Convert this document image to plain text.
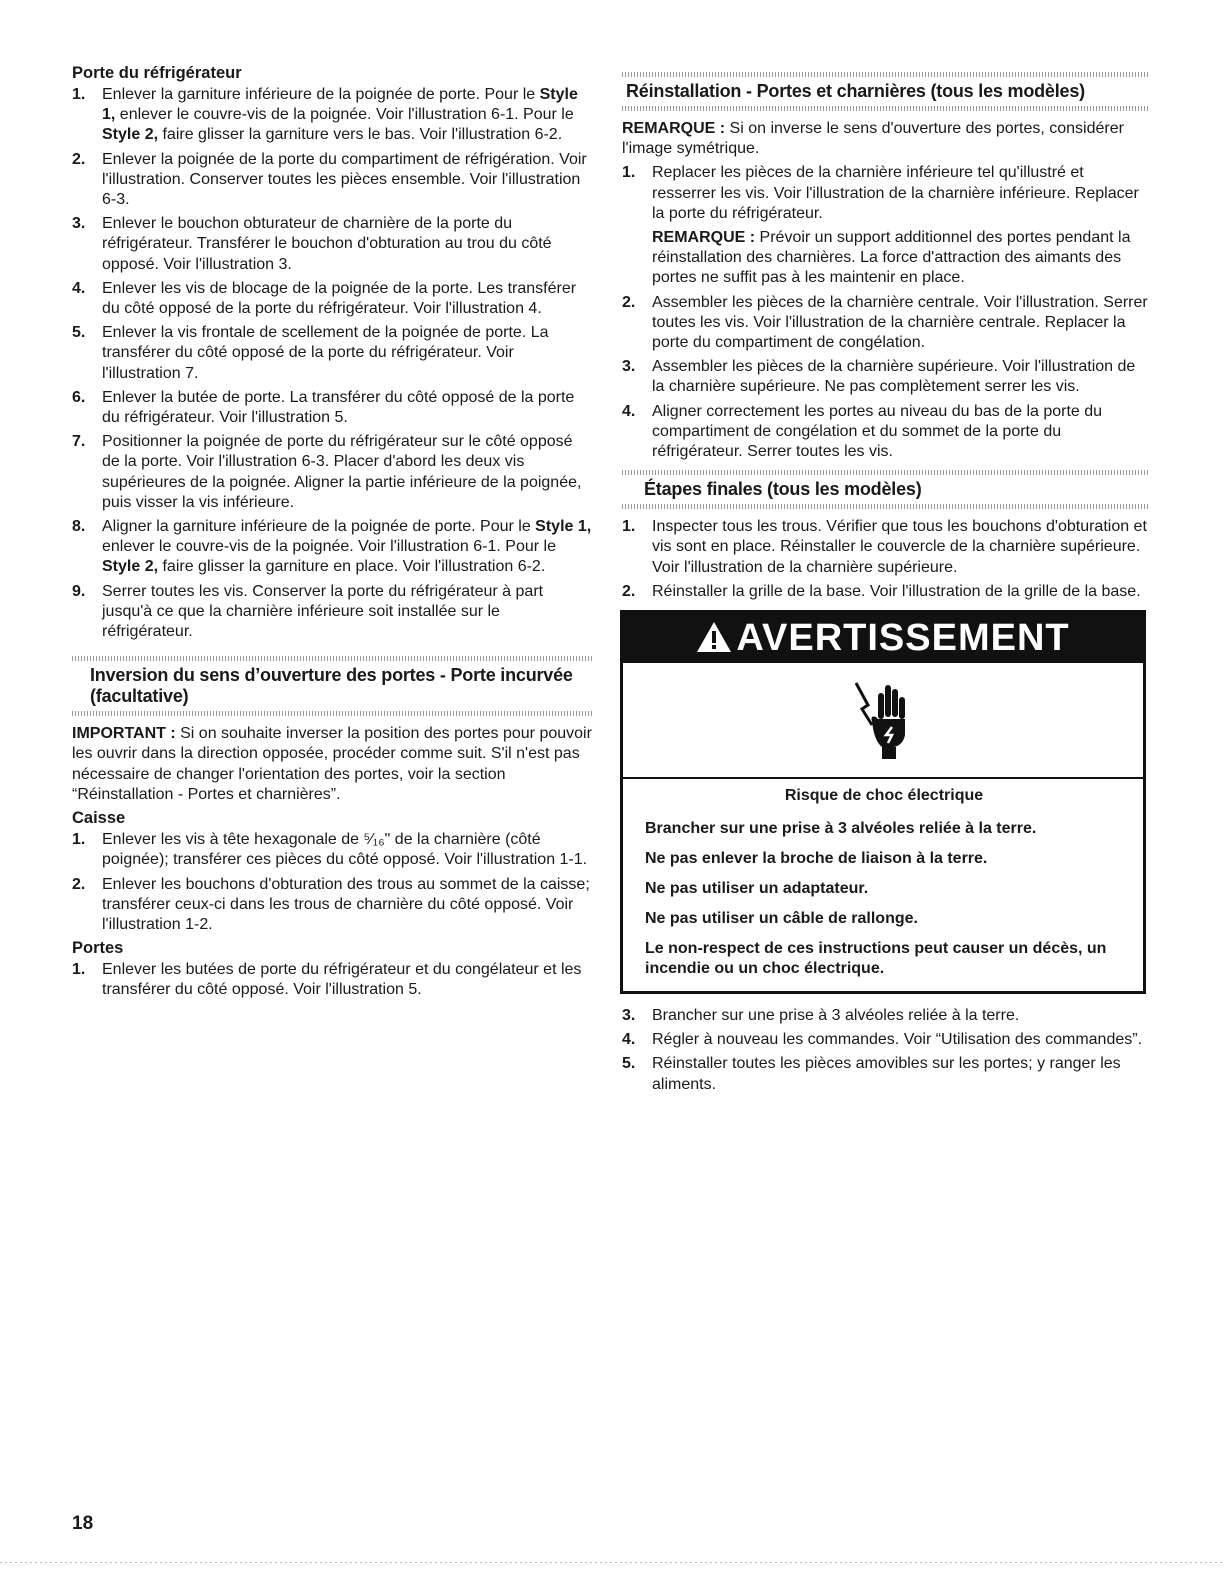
Porte du réfrigérateur
1. Enlever la garniture inférieure de la poignée de porte. Pour le Style 1, enlever le couvre-vis de la poignée. Voir l'illustration 6-1. Pour le Style 2, faire glisser la garniture vers le bas. Voir l'illustration 6-2.
2. Enlever la poignée de la porte du compartiment de réfrigération. Voir l'illustration. Conserver toutes les pièces ensemble. Voir l'illustration 6-3.
3. Enlever le bouchon obturateur de charnière de la porte du réfrigérateur. Transférer le bouchon d'obturation au trou du côté opposé. Voir l'illustration 3.
4. Enlever les vis de blocage de la poignée de la porte. Les transférer du côté opposé de la porte du réfrigérateur. Voir l'illustration 4.
5. Enlever la vis frontale de scellement de la poignée de porte. La transférer du côté opposé de la porte du réfrigérateur. Voir l'illustration 7.
6. Enlever la butée de porte. La transférer du côté opposé de la porte du réfrigérateur. Voir l'illustration 5.
7. Positionner la poignée de porte du réfrigérateur sur le côté opposé de la porte. Voir l'illustration 6-3. Placer d'abord les deux vis supérieures de la poignée. Aligner la partie inférieure de la poignée, puis visser la vis inférieure.
8. Aligner la garniture inférieure de la poignée de porte. Pour le Style 1, enlever le couvre-vis de la poignée. Voir l'illustration 6-1. Pour le Style 2, faire glisser la garniture en place. Voir l'illustration 6-2.
9. Serrer toutes les vis. Conserver la porte du réfrigérateur à part jusqu'à ce que la charnière inférieure soit installée sur le réfrigérateur.
Inversion du sens d’ouverture des portes - Porte incurvée (facultative)

IMPORTANT : Si on souhaite inverser la position des portes pour pouvoir les ouvrir dans la direction opposée, procéder comme suit. S'il n'est pas nécessaire de changer l'orientation des portes, voir la section “Réinstallation - Portes et charnières”.

Caisse
1. Enlever les vis à tête hexagonale de ⁵⁄₁₆" de la charnière (côté poignée); transférer ces pièces du côté opposé. Voir l'illustration 1-1.
2. Enlever les bouchons d'obturation des trous au sommet de la caisse; transférer ceux-ci dans les trous de charnière du côté opposé. Voir l'illustration 1-2.
Portes
1. Enlever les butées de porte du réfrigérateur et du congélateur et les transférer du côté opposé. Voir l'illustration 5.
Réinstallation - Portes et charnières (tous les modèles)

REMARQUE : Si on inverse le sens d'ouverture des portes, considérer l'image symétrique.

1. Replacer les pièces de la charnière inférieure tel qu'illustré et resserrer les vis. Voir l'illustration de la charnière inférieure. Replacer la porte du réfrigérateur.
REMARQUE : Prévoir un support additionnel des portes pendant la réinstallation des charnières. La force d'attraction des aimants des portes ne suffit pas à les maintenir en place.
2. Assembler les pièces de la charnière centrale. Voir l'illustration. Serrer toutes les vis. Voir l'illustration de la charnière centrale. Replacer la porte du compartiment de congélation.
3. Assembler les pièces de la charnière supérieure. Voir l'illustration de la charnière supérieure. Ne pas complètement serrer les vis.
4. Aligner correctement les portes au niveau du bas de la porte du compartiment de congélation et du sommet de la porte du réfrigérateur. Serrer toutes les vis.
Étapes finales (tous les modèles)
1. Inspecter tous les trous. Vérifier que tous les bouchons d'obturation et vis sont en place. Réinstaller le couvercle de la charnière supérieure. Voir l'illustration de la charnière supérieure.
2. Réinstaller la grille de la base. Voir l'illustration de la grille de la base.
AVERTISSEMENT

Risque de choc électrique

Brancher sur une prise à 3 alvéoles reliée à la terre.

Ne pas enlever la broche de liaison à la terre.

Ne pas utiliser un adaptateur.

Ne pas utiliser un câble de rallonge.

Le non-respect de ces instructions peut causer un décès, un incendie ou un choc électrique.

3. Brancher sur une prise à 3 alvéoles reliée à la terre.
4. Régler à nouveau les commandes. Voir “Utilisation des commandes”.
5. Réinstaller toutes les pièces amovibles sur les portes; y ranger les aliments.
18
